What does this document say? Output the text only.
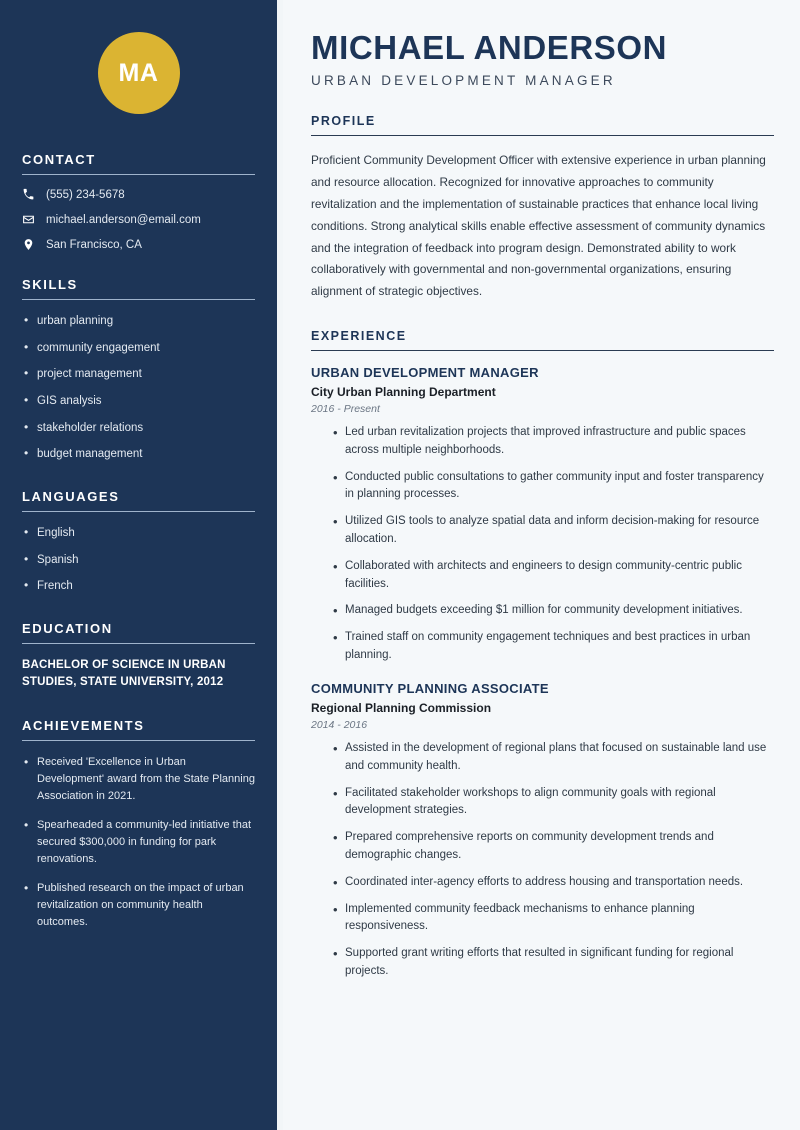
MA
CONTACT
(555) 234-5678
michael.anderson@email.com
San Francisco, CA
SKILLS
• urban planning
• community engagement
• project management
• GIS analysis
• stakeholder relations
• budget management
LANGUAGES
• English
• Spanish
• French
EDUCATION
BACHELOR OF SCIENCE IN URBAN STUDIES, STATE UNIVERSITY, 2012
ACHIEVEMENTS
• Received 'Excellence in Urban Development' award from the State Planning Association in 2021.
• Spearheaded a community-led initiative that secured $300,000 in funding for park renovations.
• Published research on the impact of urban revitalization on community health outcomes.
MICHAEL ANDERSON
URBAN DEVELOPMENT MANAGER
PROFILE

Proficient Community Development Officer with extensive experience in urban planning and resource allocation. Recognized for innovative approaches to community revitalization and the implementation of sustainable practices that enhance local living conditions. Strong analytical skills enable effective assessment of community dynamics and the integration of feedback into program design. Demonstrated ability to work collaboratively with governmental and non-governmental organizations, ensuring alignment of strategic objectives.

EXPERIENCE
URBAN DEVELOPMENT MANAGER
City Urban Planning Department
2016 - Present
• Led urban revitalization projects that improved infrastructure and public spaces across multiple neighborhoods.
• Conducted public consultations to gather community input and foster transparency in planning processes.
• Utilized GIS tools to analyze spatial data and inform decision-making for resource allocation.
• Collaborated with architects and engineers to design community-centric public facilities.
• Managed budgets exceeding $1 million for community development initiatives.
• Trained staff on community engagement techniques and best practices in urban planning.
COMMUNITY PLANNING ASSOCIATE
Regional Planning Commission
2014 - 2016
• Assisted in the development of regional plans that focused on sustainable land use and community health.
• Facilitated stakeholder workshops to align community goals with regional development strategies.
• Prepared comprehensive reports on community development trends and demographic changes.
• Coordinated inter-agency efforts to address housing and transportation needs.
• Implemented community feedback mechanisms to enhance planning responsiveness.
• Supported grant writing efforts that resulted in significant funding for regional projects.
